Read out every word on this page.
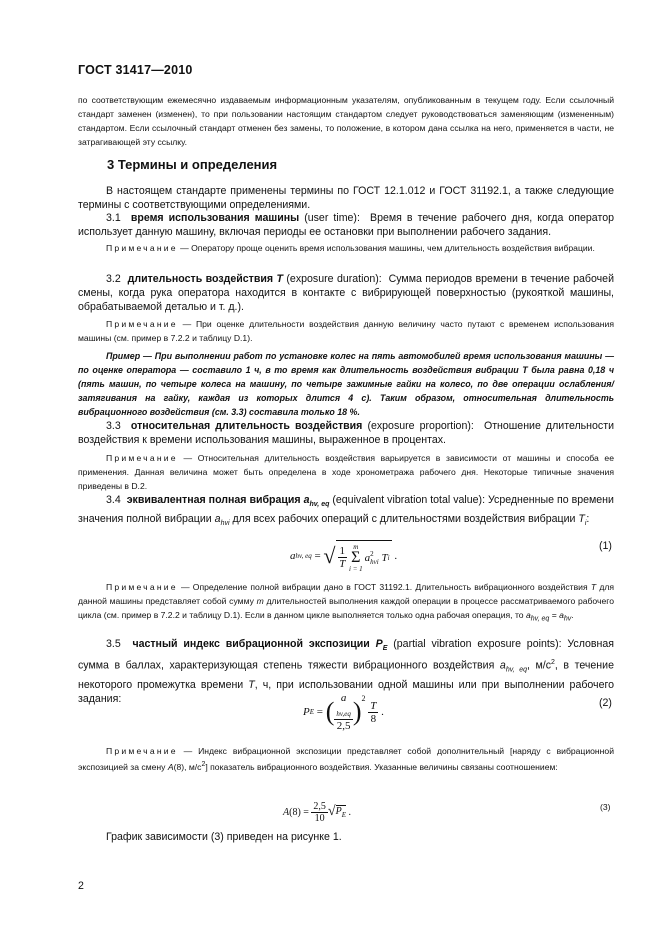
ГОСТ 31417—2010
по соответствующим ежемесячно издаваемым информационным указателям, опубликованным в текущем году. Если ссылочный стандарт заменен (изменен), то при пользовании настоящим стандартом следует руководствоваться заменяющим (измененным) стандартом. Если ссылочный стандарт отменен без замены, то положение, в котором дана ссылка на него, применяется в части, не затрагивающей эту ссылку.
3 Термины и определения
В настоящем стандарте применены термины по ГОСТ 12.1.012 и ГОСТ 31192.1, а также следующие термины с соответствующими определениями.
3.1 время использования машины (user time): Время в течение рабочего дня, когда оператор использует данную машину, включая периоды ее остановки при выполнении рабочего задания.
Примечание — Оператору проще оценить время использования машины, чем длительность воздействия вибрации.
3.2 длительность воздействия T (exposure duration): Сумма периодов времени в течение рабочей смены, когда рука оператора находится в контакте с вибрирующей поверхностью (рукояткой машины, обрабатываемой деталью и т. д.).
Примечание — При оценке длительности воздействия данную величину часто путают с временем использования машины (см. пример в 7.2.2 и таблицу D.1).
Пример — При выполнении работ по установке колес на пять автомобилей время использования машины — по оценке оператора — составило 1 ч, в то время как длительность воздействия вибрации T была равна 0,18 ч (пять машин, по четыре колеса на машину, по четыре зажимные гайки на колесо, по две операции ослабления/затягивания на гайку, каждая из которых длится 4 с). Таким образом, относительная длительность вибрационного воздействия (см. 3.3) составила только 18 %.
3.3 относительная длительность воздействия (exposure proportion): Отношение длительности воздействия к времени использования машины, выраженное в процентах.
Примечание — Относительная длительность воздействия варьируется в зависимости от машины и способа ее применения. Данная величина может быть определена в ходе хронометража рабочего дня. Некоторые типичные значения приведены в D.2.
3.4 эквивалентная полная вибрация $a_{hv, eq}$ (equivalent vibration total value): Усредненные по времени значения полной вибрации $a_{hvi}$ для всех рабочих операций с длительностями воздействия вибрации $T_i$:
a hv, eq
=
√ $\frac{1}{T}$ m
Σ
i = 1
a 2
hvi
T i
.
(1)
Примечание — Определение полной вибрации дано в ГОСТ 31192.1. Длительность вибрационного воздействия T для данной машины представляет собой сумму m длительностей выполнения каждой операции в процессе рассматриваемого рабочего цикла (см. пример в 7.2.2 и таблицу D.1). Если в данном цикле выполняется только одна рабочая операция, то $a_{hv, eq} = a_{hv}$.
3.5 частный индекс вибрационной экспозиции $P_E$ (partial vibration exposure points): Условная сумма в баллах, характеризующая степень тяжести вибрационного воздействия $a_{hv, eq}$, $м/с^2$, в течение некоторого промежутка времени T, ч, при использовании одной машины или при выполнении рабочего задания:
P E
=
( a
$_{hv,eq}$
2,5 ) 2

$\frac{T}{8}$
.
(2)
Примечание — Индекс вибрационной экспозиции представляет собой дополнительный [наряду с вибрационной экспозицией за смену A(8), $м/с^2$] показатель вибрационного воздействия. Указанные величины связаны соотношением:
A (8)
=
$\frac{2,5}{10}$ √ $P_E$
.	(3)
График зависимости (3) приведен на рисунке 1.
2
